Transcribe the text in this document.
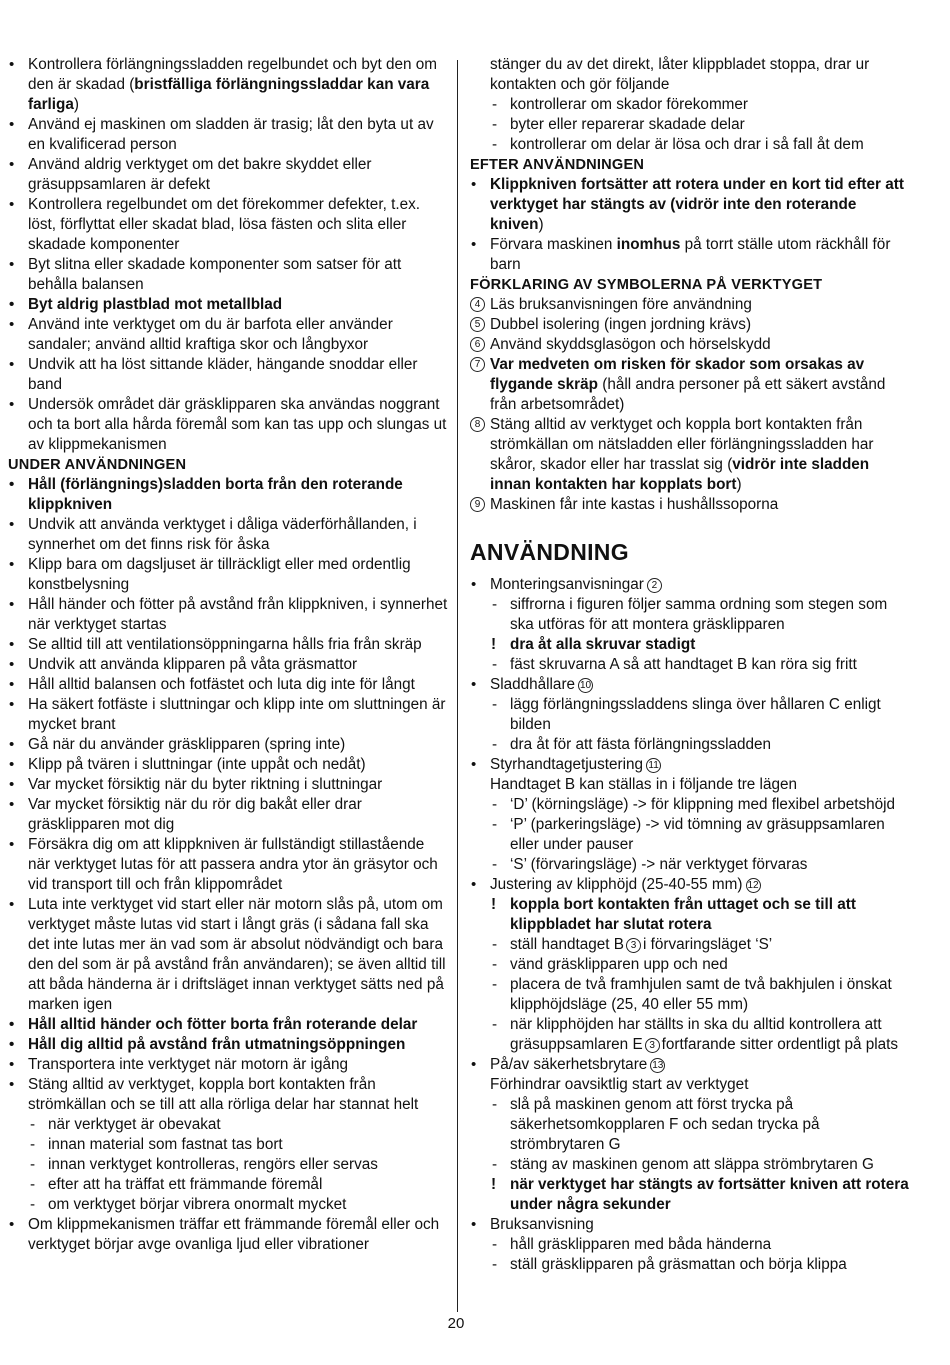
• Kontrollera förlängningssladden regelbundet och byt den om den är skadad (bristfälliga förlängningssladdar kan vara farliga)
• Använd ej maskinen om sladden är trasig; låt den byta ut av en kvalificerad person
• Använd aldrig verktyget om det bakre skyddet eller gräsuppsamlaren är defekt
• Kontrollera regelbundet om det förekommer defekter, t.ex. löst, förflyttat eller skadat blad, lösa fästen och slita eller skadade komponenter
• Byt slitna eller skadade komponenter som satser för att behålla balansen
• Byt aldrig plastblad mot metallblad
• Använd inte verktyget om du är barfota eller använder sandaler; använd alltid kraftiga skor och långbyxor
• Undvik att ha löst sittande kläder, hängande snoddar eller band
• Undersök området där gräsklipparen ska användas noggrant och ta bort alla hårda föremål som kan tas upp och slungas ut av klippmekanismen
UNDER ANVÄNDNINGEN
• Håll (förlängnings)sladden borta från den roterande klippkniven
• Undvik att använda verktyget i dåliga väderförhållanden, i synnerhet om det finns risk för åska
• Klipp bara om dagsljuset är tillräckligt eller med ordentlig konstbelysning
• Håll händer och fötter på avstånd från klippkniven, i synnerhet när verktyget startas
• Se alltid till att ventilationsöppningarna hålls fria från skräp
• Undvik att använda klipparen på våta gräsmattor
• Håll alltid balansen och fotfästet och luta dig inte för långt
• Ha säkert fotfäste i sluttningar och klipp inte om sluttningen är mycket brant
• Gå när du använder gräsklipparen (spring inte)
• Klipp på tvären i sluttningar (inte uppåt och nedåt)
• Var mycket försiktig när du byter riktning i sluttningar
• Var mycket försiktig när du rör dig bakåt eller drar gräsklipparen mot dig
• Försäkra dig om att klippkniven är fullständigt stillastående när verktyget lutas för att passera andra ytor än gräsytor och vid transport till och från klippområdet
• Luta inte verktyget vid start eller när motorn slås på, utom om verktyget måste lutas vid start i långt gräs (i sådana fall ska det inte lutas mer än vad som är absolut nödvändigt och bara den del som är på avstånd från användaren); se även alltid till att båda händerna är i driftsläget innan verktyget sätts ned på marken igen
• Håll alltid händer och fötter borta från roterande delar
• Håll dig alltid på avstånd från utmatningsöppningen
• Transportera inte verktyget när motorn är igång
• Stäng alltid av verktyget, koppla bort kontakten från strömkällan och se till att alla rörliga delar har stannat helt
- när verktyget är obevakat
- innan material som fastnat tas bort
- innan verktyget kontrolleras, rengörs eller servas
- efter att ha träffat ett främmande föremål
- om verktyget börjar vibrera onormalt mycket
• Om klippmekanismen träffar ett främmande föremål eller och verktyget börjar avge ovanliga ljud eller vibrationer
stänger du av det direkt, låter klippbladet stoppa, drar ur kontakten och gör följande
- kontrollerar om skador förekommer
- byter eller reparerar skadade delar
- kontrollerar om delar är lösa och drar i så fall åt dem
EFTER ANVÄNDNINGEN
• Klippkniven fortsätter att rotera under en kort tid efter att verktyget har stängts av (vidrör inte den roterande kniven)
• Förvara maskinen inomhus på torrt ställe utom räckhåll för barn
FÖRKLARING AV SYMBOLERNA PÅ VERKTYGET
4 Läs bruksanvisningen före användning
5 Dubbel isolering (ingen jordning krävs)
6 Använd skyddsglasögon och hörselskydd
7 Var medveten om risken för skador som orsakas av flygande skräp (håll andra personer på ett säkert avstånd från arbetsområdet)
8 Stäng alltid av verktyget och koppla bort kontakten från strömkällan om nätsladden eller förlängningssladden har skåror, skador eller har trasslat sig (vidrör inte sladden innan kontakten har kopplats bort)
9 Maskinen får inte kastas i hushållssoporna
ANVÄNDNING
• Monteringsanvisningar 2
- siffrorna i figuren följer samma ordning som stegen som ska utföras för att montera gräsklipparen
! dra åt alla skruvar stadigt
- fäst skruvarna A så att handtaget B kan röra sig fritt
• Sladdhållare 10
- lägg förlängningssladdens slinga över hållaren C enligt bilden
- dra åt för att fästa förlängningssladden
• Styrhandtagetjustering 11
Handtaget B kan ställas in i följande tre lägen
- ‘D’ (körningsläge) -> för klippning med flexibel arbetshöjd
- ‘P’ (parkeringsläge) -> vid tömning av gräsuppsamlaren eller under pauser
- ‘S’ (förvaringsläge) -> när verktyget förvaras
• Justering av klipphöjd (25-40-55 mm) 12
! koppla bort kontakten från uttaget och se till att klippbladet har slutat rotera
- ställ handtaget B 3 i förvaringsläget ‘S’
- vänd gräsklipparen upp och ned
- placera de två framhjulen samt de två bakhjulen i önskat klipphöjdsläge (25, 40 eller 55 mm)
- när klipphöjden har ställts in ska du alltid kontrollera att gräsuppsamlaren E 3 fortfarande sitter ordentligt på plats
• På/av säkerhetsbrytare 13
Förhindrar oavsiktlig start av verktyget
- slå på maskinen genom att först trycka på säkerhetsomkopplaren F och sedan trycka på strömbrytaren G
- stäng av maskinen genom att släppa strömbrytaren G
! när verktyget har stängts av fortsätter kniven att rotera under några sekunder
• Bruksanvisning
- håll gräsklipparen med båda händerna
- ställ gräsklipparen på gräsmattan och börja klippa
20
